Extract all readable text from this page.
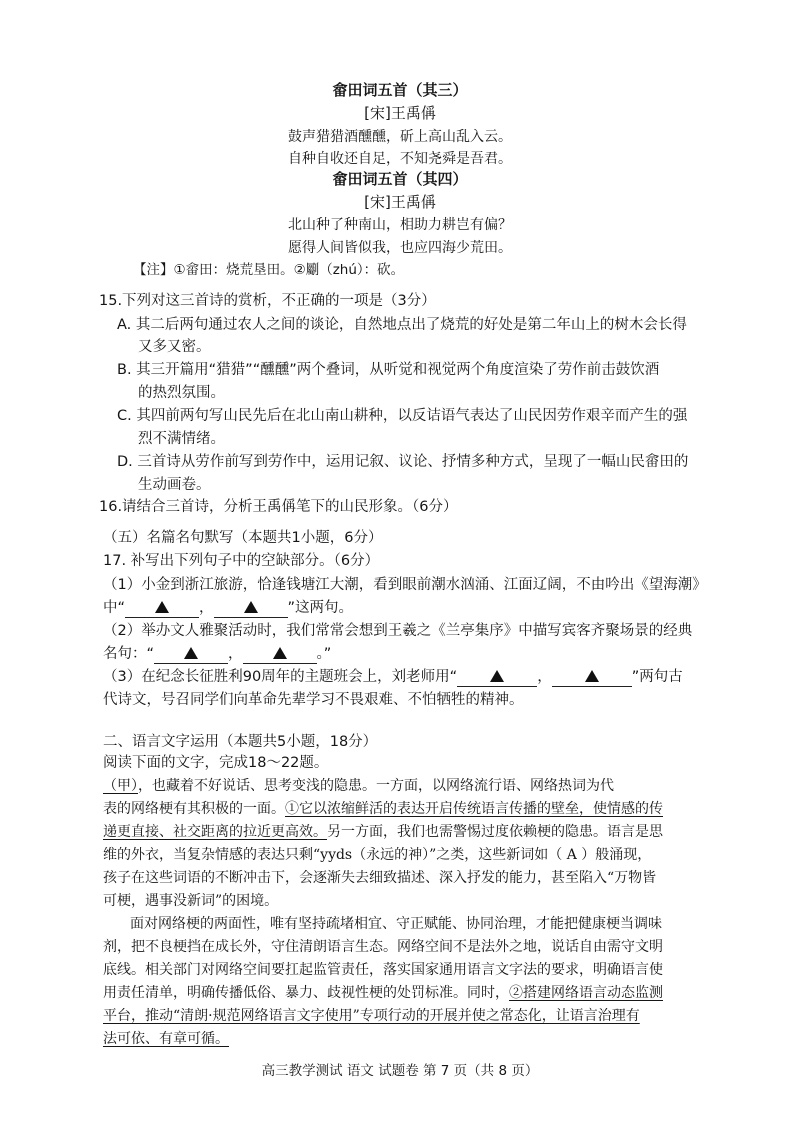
畲田词五首（其三）
[宋]王禹偁
鼓声猎猎酒醺醺，斫上高山乱入云。
自种自收还自足，不知尧舜是吾君。
畲田词五首（其四）
[宋]王禹偁
北山种了种南山，相助力耕岂有偏？
愿得人间皆似我，也应四海少荒田。
【注】①畲田：烧荒垦田。②劚（zhú）：砍。
15.下列对这三首诗的赏析，不正确的一项是（3分）
A. 其二后两句通过农人之间的谈论，自然地点出了烧荒的好处是第二年山上的树木会长得
又多又密。
B. 其三开篇用“猎猎”“醺醺”两个叠词，从听觉和视觉两个角度渲染了劳作前击鼓饮酒
的热烈氛围。
C. 其四前两句写山民先后在北山南山耕种，以反诘语气表达了山民因劳作艰辛而产生的强
烈不满情绪。
D. 三首诗从劳作前写到劳作中，运用记叙、议论、抒情多种方式，呈现了一幅山民畲田的
生动画卷。
16.请结合三首诗，分析王禹偁笔下的山民形象。（6分）
（五）名篇名句默写（本题共1小题，6分）
17. 补写出下列句子中的空缺部分。（6分）
（1）小金到浙江旅游，恰逢钱塘江大潮，看到眼前潮水汹涌、江面辽阔，不由吟出《望海潮》
中“	，	”这两句。
（2）举办文人雅聚活动时，我们常常会想到王羲之《兰亭集序》中描写宾客齐聚场景的经典
名句：“	，	。”
（3）在纪念长征胜利90周年的主题班会上，刘老师用“	，	”两句古
代诗文，号召同学们向革命先辈学习不畏艰难、不怕牺牲的精神。
二、语言文字运用（本题共5小题，18分）
阅读下面的文字，完成18～22题。
（甲），也藏着不好说话、思考变浅的隐患。一方面，以网络流行语、网络热词为代
表的网络梗有其积极的一面。①它以浓缩鲜活的表达开启传统语言传播的壁垒，使情感的传
递更直接、社交距离的拉近更高效。另一方面，我们也需警惕过度依赖梗的隐患。语言是思
维的外衣，当复杂情感的表达只剩“yyds（永远的神）”之类，这些新词如（ A ）般涌现，
孩子在这些词语的不断冲击下，会逐渐失去细致描述、深入抒发的能力，甚至陷入“万物皆
可梗，遇事没新词”的困境。
面对网络梗的两面性，唯有坚持疏堵相宜、守正赋能、协同治理，才能把健康梗当调味
剂，把不良梗挡在成长外，守住清朗语言生态。网络空间不是法外之地，说话自由需守文明
底线。相关部门对网络空间要扛起监管责任，落实国家通用语言文字法的要求，明确语言使
用责任清单，明确传播低俗、暴力、歧视性梗的处罚标准。同时，②搭建网络语言动态监测
平台，推动“清朗·规范网络语言文字使用”专项行动的开展并使之常态化，让语言治理有
法可依、有章可循。
高三教学测试 语文 试题卷 第 7 页（共 8 页）
